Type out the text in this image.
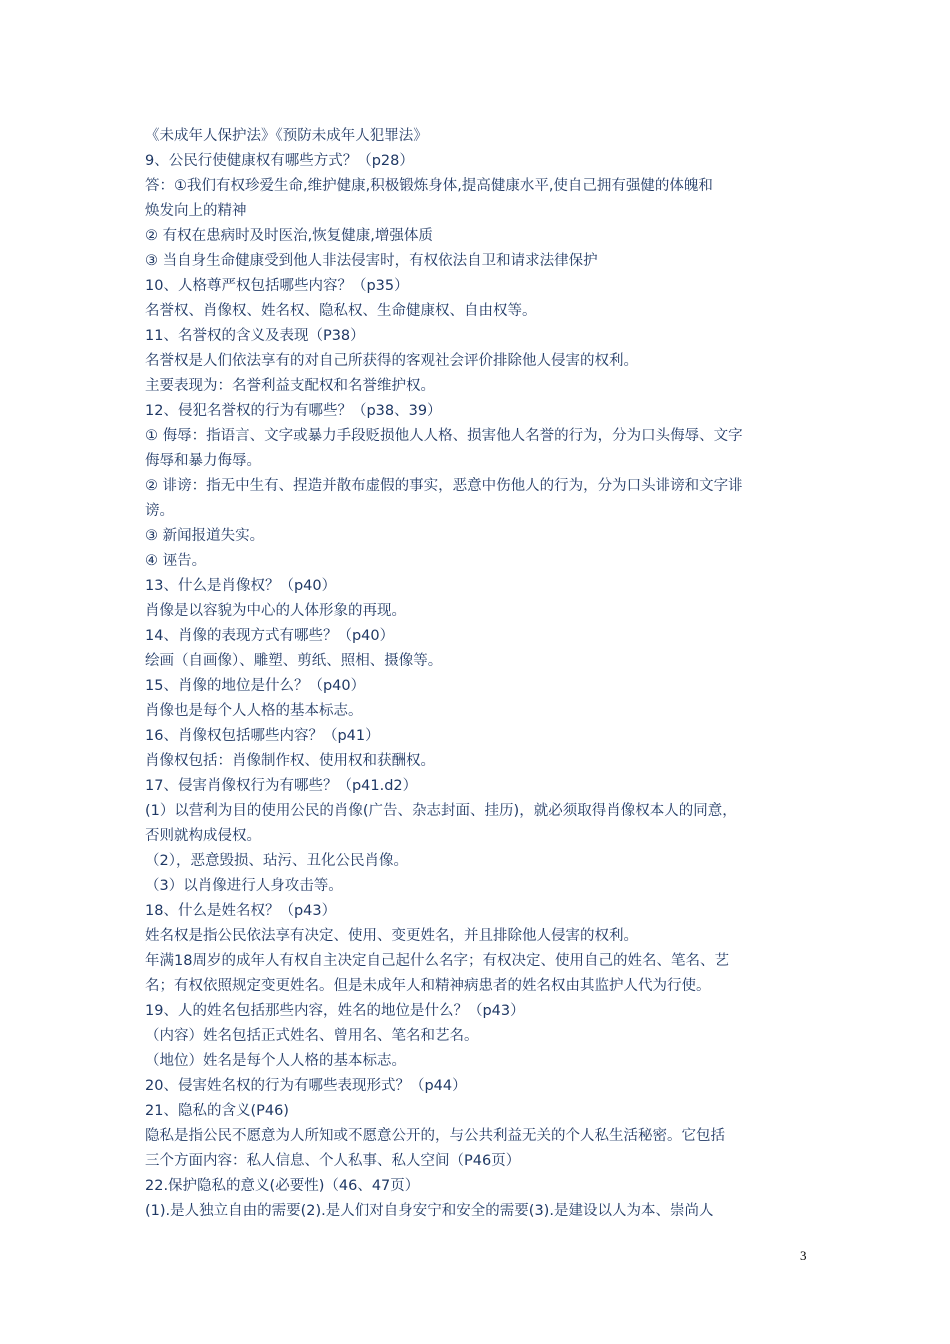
《未成年人保护法》《预防未成年人犯罪法》
9、公民行使健康权有哪些方式？（p28）
答：①我们有权珍爱生命,维护健康,积极锻炼身体,提高健康水平,使自己拥有强健的体魄和
焕发向上的精神
② 有权在患病时及时医治,恢复健康,增强体质
③ 当自身生命健康受到他人非法侵害时，有权依法自卫和请求法律保护
10、人格尊严权包括哪些内容？（p35）
名誉权、肖像权、姓名权、隐私权、生命健康权、自由权等。
11、名誉权的含义及表现（P38）
名誉权是人们依法享有的对自己所获得的客观社会评价排除他人侵害的权利。
主要表现为：名誉利益支配权和名誉维护权。
12、侵犯名誉权的行为有哪些？（p38、39）
① 侮辱：指语言、文字或暴力手段贬损他人人格、损害他人名誉的行为，分为口头侮辱、文字
侮辱和暴力侮辱。
② 诽谤：指无中生有、捏造并散布虚假的事实，恶意中伤他人的行为，分为口头诽谤和文字诽
谤。
③ 新闻报道失实。
④ 诬告。
13、什么是肖像权？（p40）
肖像是以容貌为中心的人体形象的再现。
14、肖像的表现方式有哪些？（p40）
绘画（自画像）、雕塑、剪纸、照相、摄像等。
15、肖像的地位是什么？（p40）
肖像也是每个人人格的基本标志。
16、肖像权包括哪些内容？（p41）
肖像权包括：肖像制作权、使用权和获酬权。
17、侵害肖像权行为有哪些？（p41.d2）
(1）以营利为目的使用公民的肖像(广告、杂志封面、挂历)，就必须取得肖像权本人的同意，
否则就构成侵权。
（2），恶意毁损、玷污、丑化公民肖像。
（3）以肖像进行人身攻击等。
18、什么是姓名权？（p43）
姓名权是指公民依法享有决定、使用、变更姓名，并且排除他人侵害的权利。
年满18周岁的成年人有权自主决定自己起什么名字；有权决定、使用自己的姓名、笔名、艺
名；有权依照规定变更姓名。但是未成年人和精神病患者的姓名权由其监护人代为行使。
19、人的姓名包括那些内容，姓名的地位是什么？（p43）
（内容）姓名包括正式姓名、曾用名、笔名和艺名。
（地位）姓名是每个人人格的基本标志。
20、侵害姓名权的行为有哪些表现形式？（p44）
21、隐私的含义(P46)
隐私是指公民不愿意为人所知或不愿意公开的，与公共利益无关的个人私生活秘密。它包括
三个方面内容：私人信息、个人私事、私人空间（P46页）
22.保护隐私的意义(必要性)（46、47页）
(1).是人独立自由的需要(2).是人们对自身安宁和安全的需要(3).是建设以人为本、崇尚人
3
